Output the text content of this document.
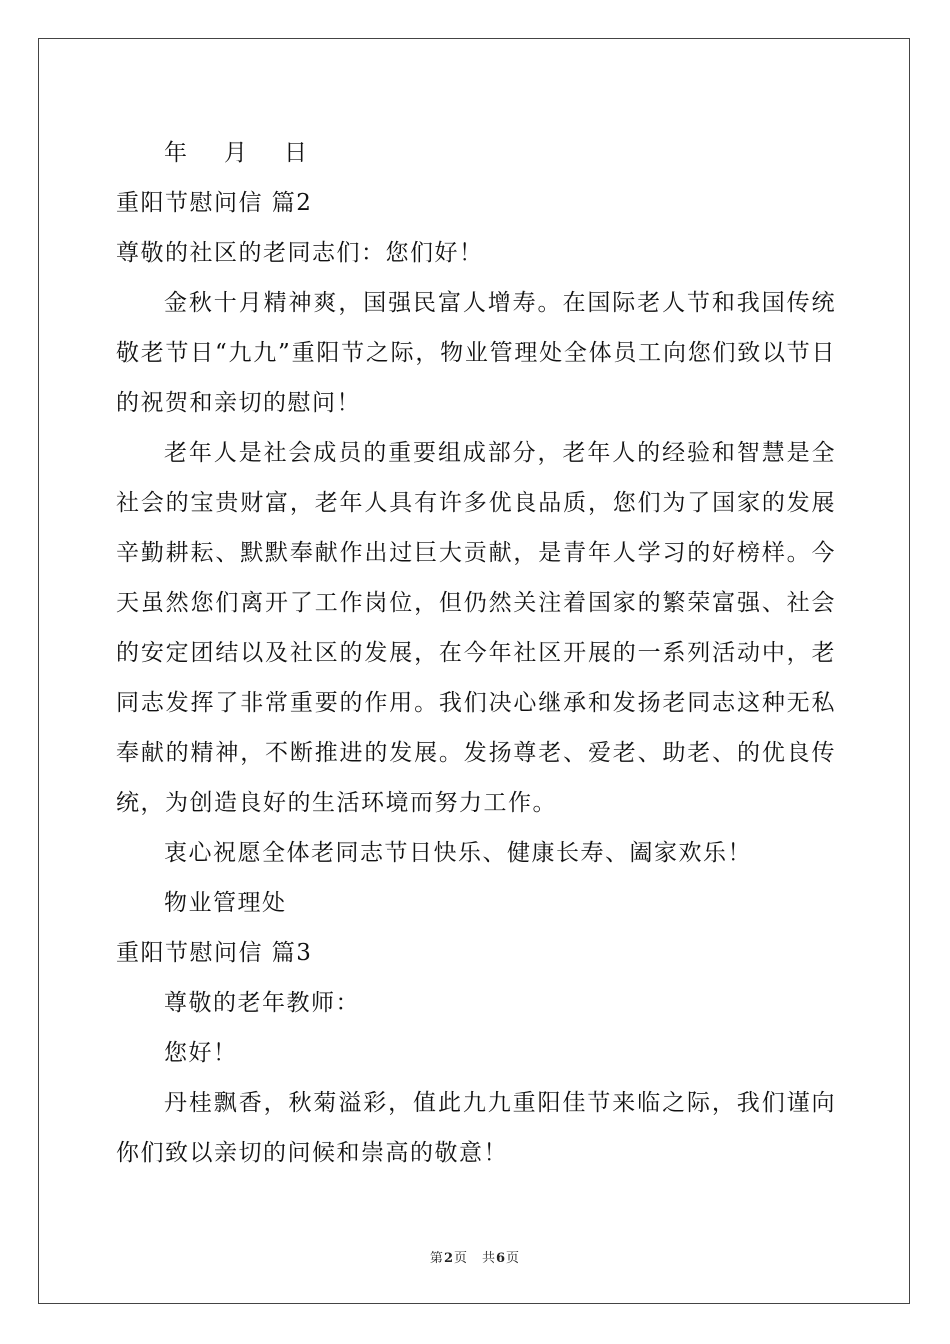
年 月 日
重阳节慰问信 篇2
尊敬的社区的老同志们：您们好！

金秋十月精神爽，国强民富人增寿。在国际老人节和我国传统敬老节日“九九”重阳节之际，物业管理处全体员工向您们致以节日的祝贺和亲切的慰问！

老年人是社会成员的重要组成部分，老年人的经验和智慧是全社会的宝贵财富，老年人具有许多优良品质，您们为了国家的发展辛勤耕耘、默默奉献作出过巨大贡献，是青年人学习的好榜样。今天虽然您们离开了工作岗位，但仍然关注着国家的繁荣富强、社会的安定团结以及社区的发展，在今年社区开展的一系列活动中，老同志发挥了非常重要的作用。我们决心继承和发扬老同志这种无私奉献的精神，不断推进的发展。发扬尊老、爱老、助老、的优良传统，为创造良好的生活环境而努力工作。

衷心祝愿全体老同志节日快乐、健康长寿、阖家欢乐！

物业管理处
重阳节慰问信 篇3
尊敬的老年教师：
您好！

丹桂飘香，秋菊溢彩，值此九九重阳佳节来临之际，我们谨向你们致以亲切的问候和崇高的敬意！

第2页　共6页
